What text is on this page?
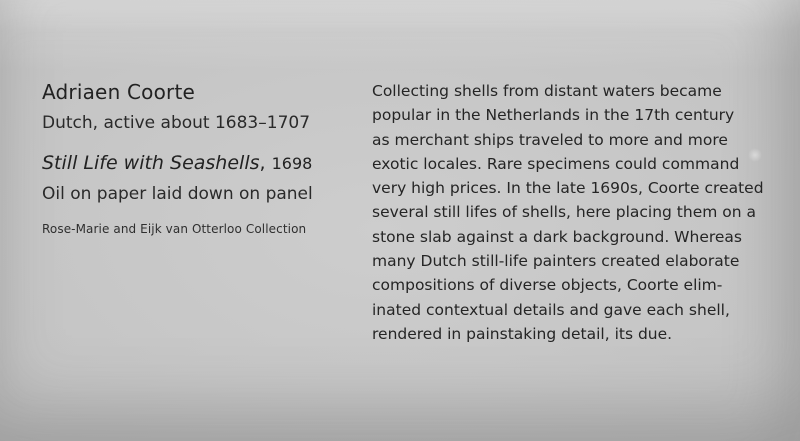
Adriaen Coorte
Dutch, active about 1683–1707
Still Life with Seashells, 1698
Oil on paper laid down on panel
Rose-Marie and Eijk van Otterloo Collection
Collecting shells from distant waters became
popular in the Netherlands in the 17th century
as merchant ships traveled to more and more
exotic locales. Rare specimens could command
very high prices. In the late 1690s, Coorte created
several still lifes of shells, here placing them on a
stone slab against a dark background. Whereas
many Dutch still-life painters created elaborate
compositions of diverse objects, Coorte elim-
inated contextual details and gave each shell,
rendered in painstaking detail, its due.
